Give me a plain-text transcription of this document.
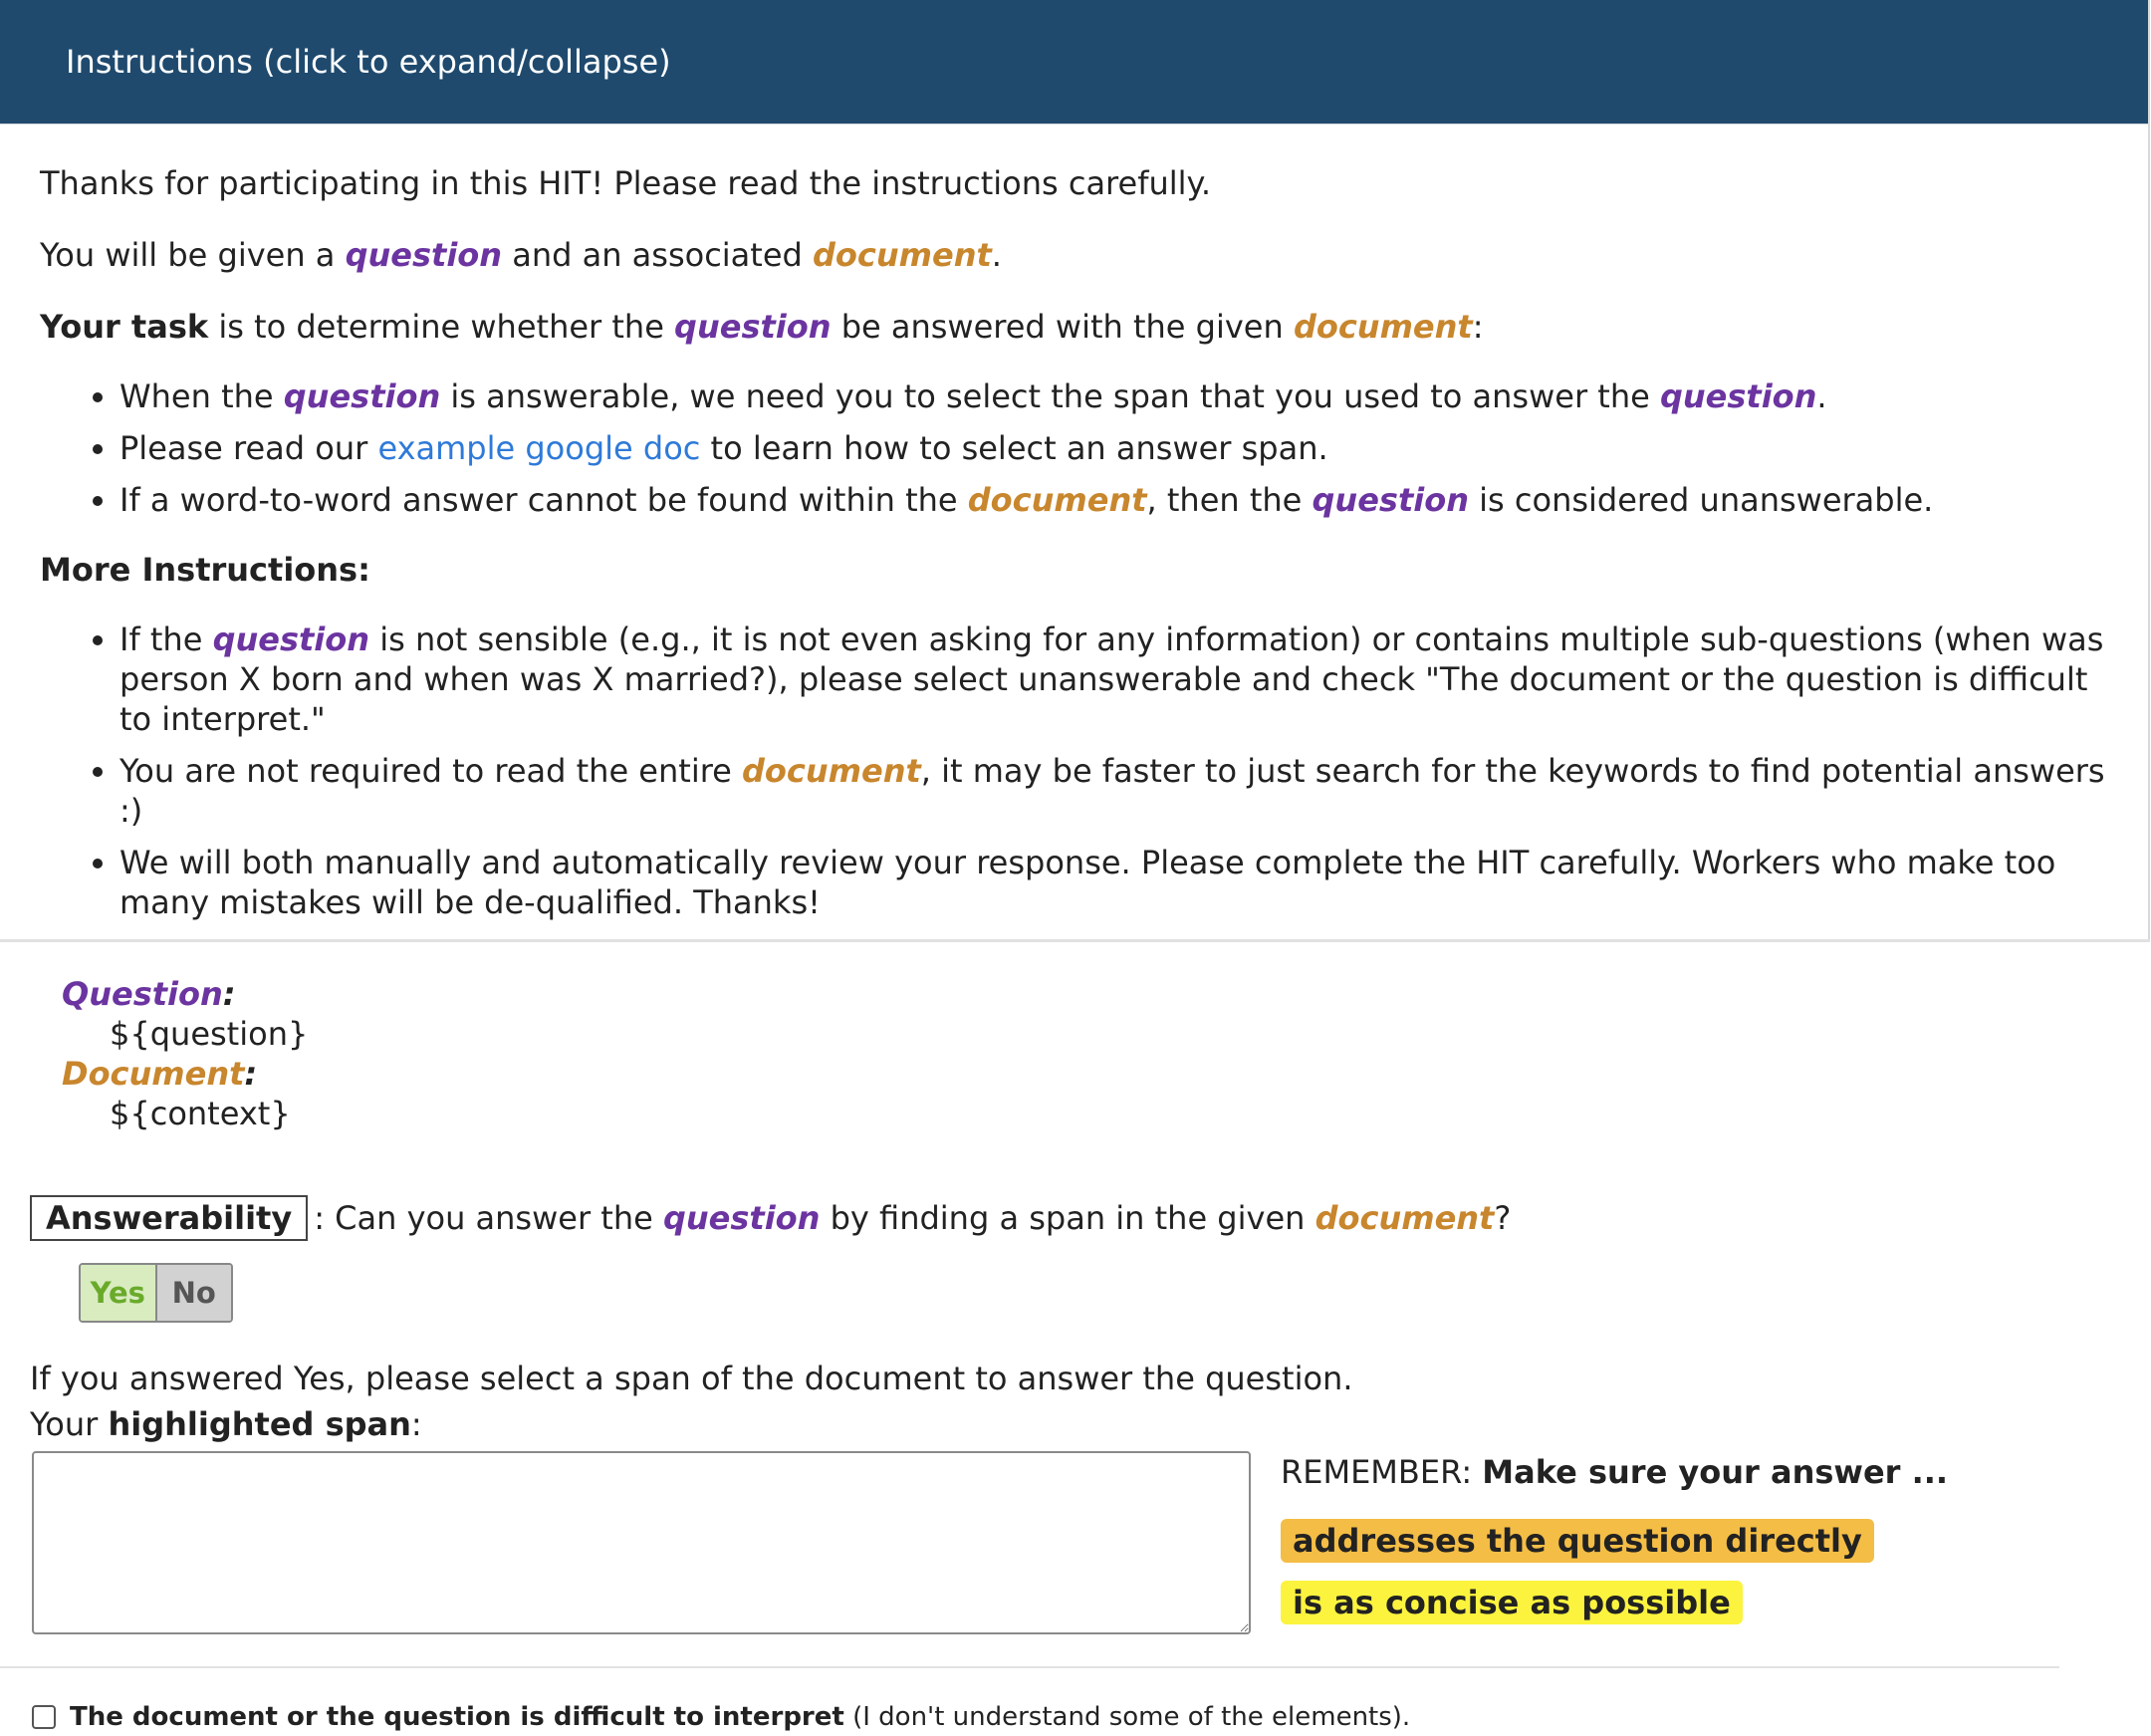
Instructions (click to expand/collapse)

Thanks for participating in this HIT! Please read the instructions carefully.

You will be given a question and an associated document.

Your task is to determine whether the question be answered with the given document:

• When the question is answerable, we need you to select the span that you used to answer the question.
• Please read our example google doc to learn how to select an answer span.
• If a word-to-word answer cannot be found within the document, then the question is considered unanswerable.

More Instructions:

• If the question is not sensible (e.g., it is not even asking for any information) or contains multiple sub-questions (when was person X born and when was X married?), please select unanswerable and check "The document or the question is difficult to interpret."
• You are not required to read the entire document, it may be faster to just search for the keywords to find potential answers :)
• We will both manually and automatically review your response. Please complete the HIT carefully. Workers who make too many mistakes will be de-qualified. Thanks!
Question:
${question}
Document:
${context}
Answerability : Can you answer the question by finding a span in the given document?
Yes No
If you answered Yes, please select a span of the document to answer the question.
Your highlighted span:
REMEMBER: Make sure your answer ...
addresses the question directly
is as concise as possible
The document or the question is difficult to interpret (I don't understand some of the elements).
